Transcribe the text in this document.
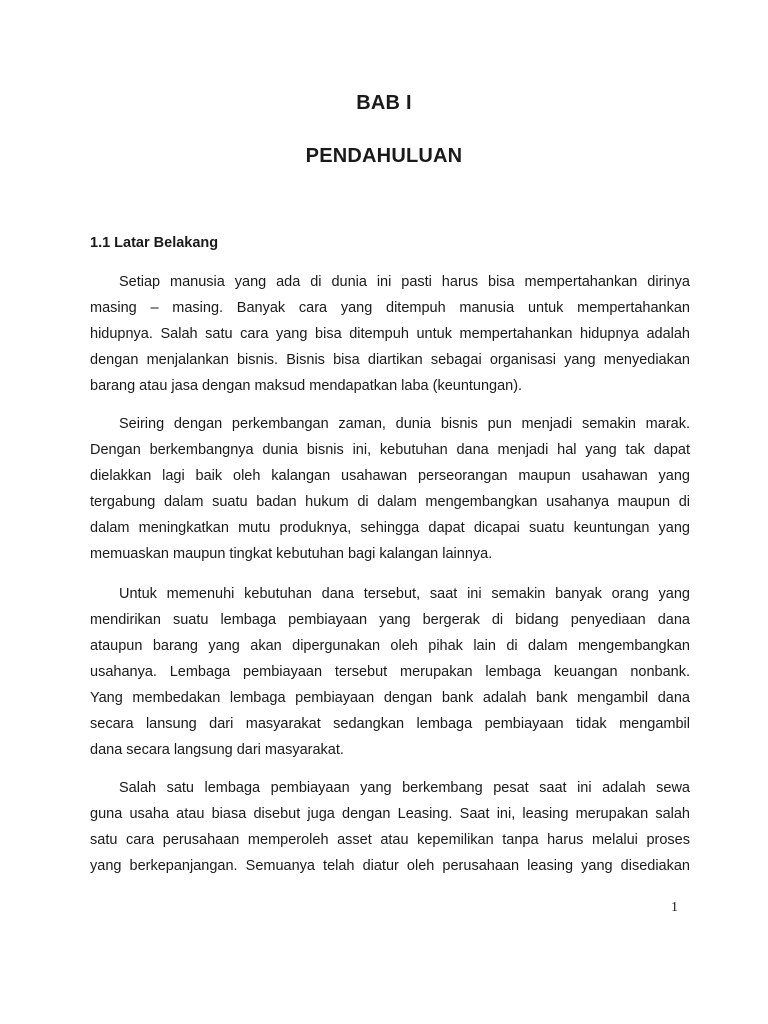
BAB I
PENDAHULUAN
1.1 Latar Belakang
Setiap manusia yang ada di dunia ini pasti harus bisa mempertahankan dirinya
masing – masing. Banyak cara yang ditempuh manusia untuk mempertahankan
hidupnya. Salah satu cara yang bisa ditempuh untuk mempertahankan hidupnya adalah
dengan menjalankan bisnis. Bisnis bisa diartikan sebagai organisasi yang menyediakan
barang atau jasa dengan maksud mendapatkan laba (keuntungan).
Seiring dengan perkembangan zaman, dunia bisnis pun menjadi semakin marak.
Dengan berkembangnya dunia bisnis ini, kebutuhan dana menjadi hal yang tak dapat
dielakkan lagi baik oleh kalangan usahawan perseorangan maupun usahawan yang
tergabung dalam suatu badan hukum di dalam mengembangkan usahanya maupun di
dalam meningkatkan mutu produknya, sehingga dapat dicapai suatu keuntungan yang
memuaskan maupun tingkat kebutuhan bagi kalangan lainnya.
Untuk memenuhi kebutuhan dana tersebut, saat ini semakin banyak orang yang
mendirikan suatu lembaga pembiayaan yang bergerak di bidang penyediaan dana
ataupun barang yang akan dipergunakan oleh pihak lain di dalam mengembangkan
usahanya. Lembaga pembiayaan tersebut merupakan lembaga keuangan nonbank.
Yang membedakan lembaga pembiayaan dengan bank adalah bank mengambil dana
secara lansung dari masyarakat sedangkan lembaga pembiayaan tidak mengambil
dana secara langsung dari masyarakat.
Salah satu lembaga pembiayaan yang berkembang pesat saat ini adalah sewa
guna usaha atau biasa disebut juga dengan Leasing. Saat ini, leasing merupakan salah
satu cara perusahaan memperoleh asset atau kepemilikan tanpa harus melalui proses
yang berkepanjangan. Semuanya telah diatur oleh perusahaan leasing yang disediakan
1
